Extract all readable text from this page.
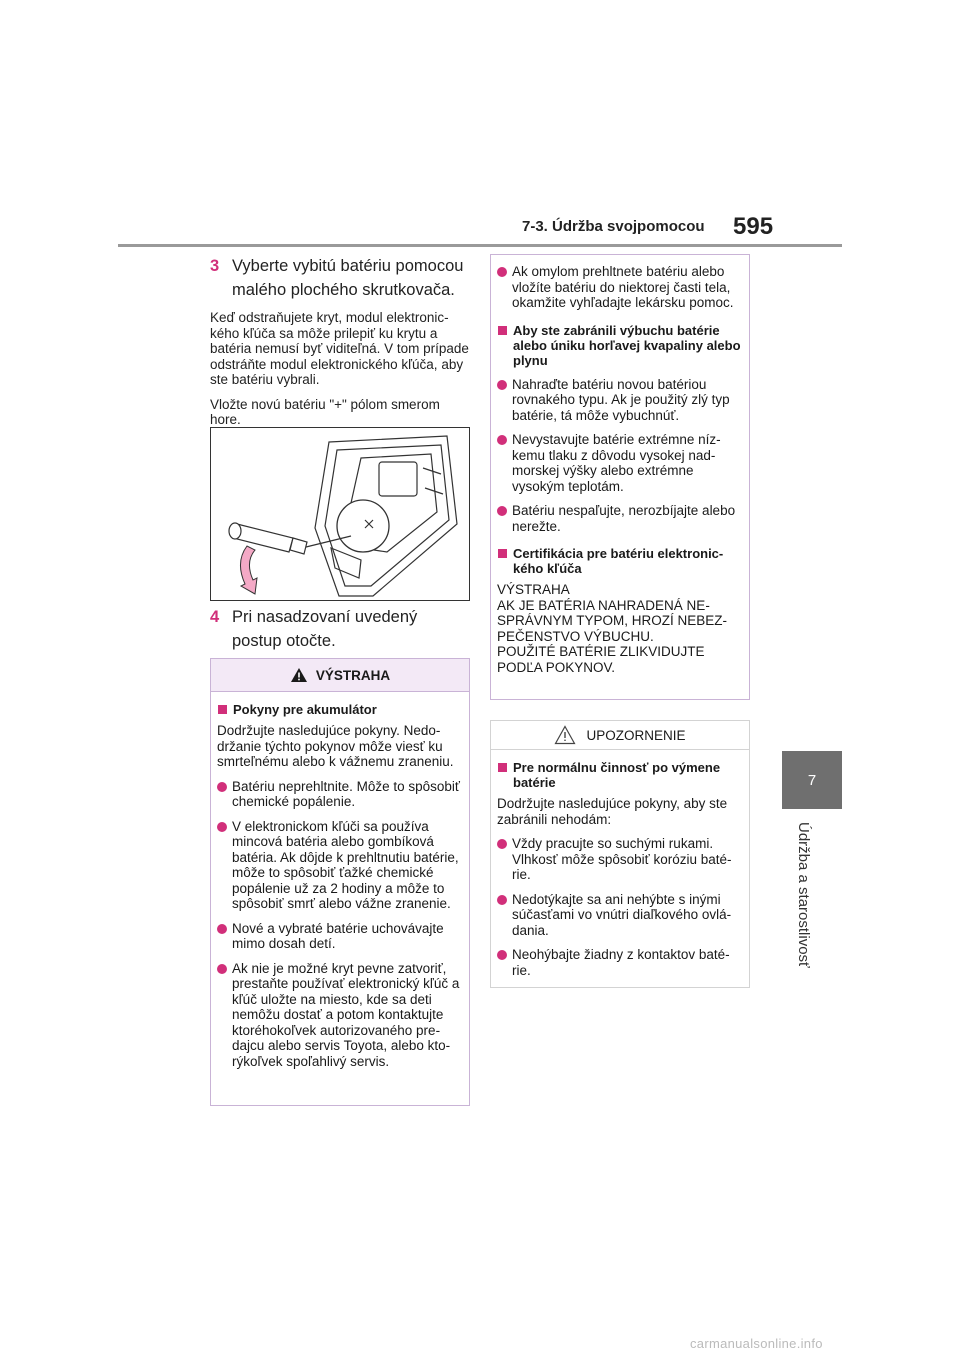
7-3. Údržba svojpomocou 595
7
Údržba a starostlivosť
3 Vyberte vybitú batériu pomocou malého plochého skrutkovača.

Keď odstraňujete kryt, modul elektronického kľúča sa môže prilepiť ku krytu a batéria nemusí byť viditeľná. V tom prípade odstráňte modul elektronického kľúča, aby ste batériu vybrali.

Vložte novú batériu "+" pólom smerom hore.

4 Pri nasadzovaní uvedený postup otočte.
VÝSTRAHA
Pokyny pre akumulátor

Dodržujte nasledujúce pokyny. Nedodržanie týchto pokynov môže viesť ku smrteľnému alebo k vážnemu zraneniu.

Batériu neprehltnite. Môže to spôsobiť chemické popálenie.
V elektronickom kľúči sa používa mincová batéria alebo gombíková batéria. Ak dôjde k prehltnutiu batérie, môže to spôsobiť ťažké chemické popálenie už za 2 hodiny a môže to spôsobiť smrť alebo vážne zranenie.
Nové a vybraté batérie uchovávajte mimo dosah detí.
Ak nie je možné kryt pevne zatvoriť, prestaňte používať elektronický kľúč a kľúč uložte na miesto, kde sa deti nemôžu dostať a potom kontaktujte ktoréhokoľvek autorizovaného predajcu alebo servis Toyota, alebo ktorýkoľvek spoľahlivý servis.
Ak omylom prehltnete batériu alebo vložíte batériu do niektorej časti tela, okamžite vyhľadajte lekársku pomoc.
Aby ste zabránili výbuchu batérie alebo úniku horľavej kvapaliny alebo plynu
Nahraďte batériu novou batériou rovnakého typu. Ak je použitý zlý typ batérie, tá môže vybuchnúť.
Nevystavujte batérie extrémne nízkemu tlaku z dôvodu vysokej nadmorskej výšky alebo extrémne vysokým teplotám.
Batériu nespaľujte, nerozbíjajte alebo nerežte.
Certifikácia pre batériu elektronického kľúča
VÝSTRAHA
AK JE BATÉRIA NAHRADENÁ NESPRÁVNYM TYPOM, HROZÍ NEBEZPEČENSTVO VÝBUCHU.
POUŽITÉ BATÉRIE ZLIKVIDUJTE PODĽA POKYNOV.
UPOZORNENIE
Pre normálnu činnosť po výmene batérie

Dodržujte nasledujúce pokyny, aby ste zabránili nehodám:

Vždy pracujte so suchými rukami. Vlhkosť môže spôsobiť koróziu batérie.
Nedotýkajte sa ani nehýbte s inými súčasťami vo vnútri diaľkového ovládania.
Neohýbajte žiadny z kontaktov batérie.
carmanualsonline.info
